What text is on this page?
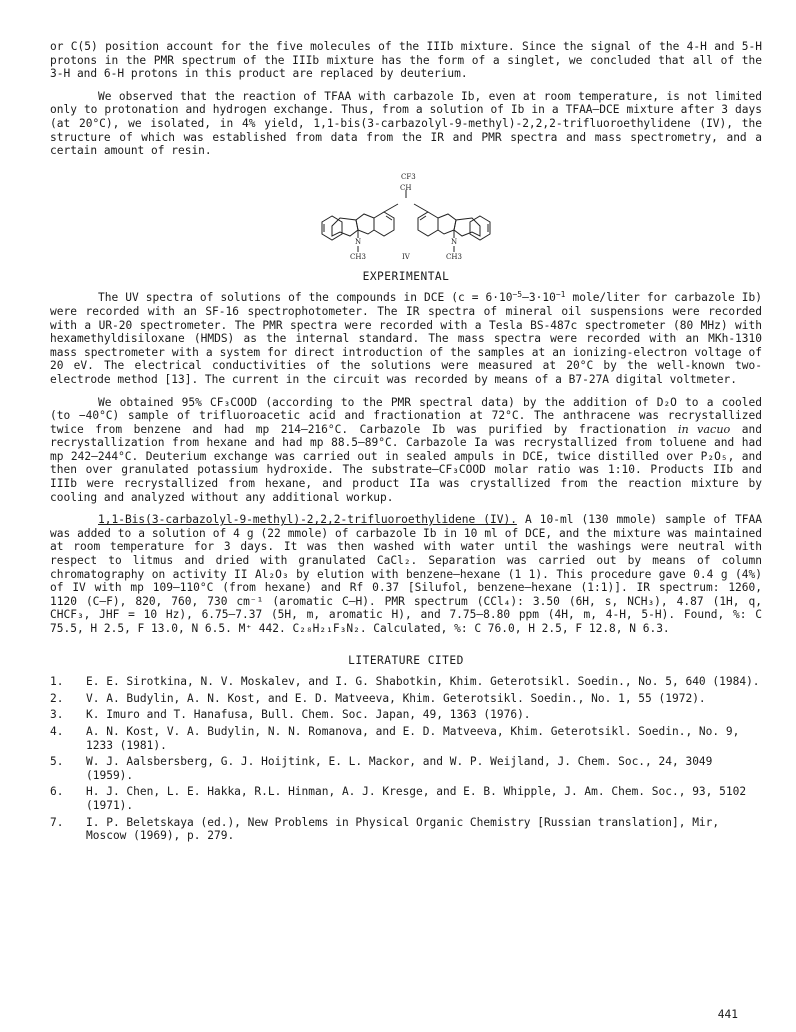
or C(5) position account for the five molecules of the IIIb mixture. Since the signal of the 4-H and 5-H protons in the PMR spectrum of the IIIb mixture has the form of a singlet, we concluded that all of the 3-H and 6-H protons in this product are replaced by deuterium.

We observed that the reaction of TFAA with carbazole Ib, even at room temperature, is not limited only to protonation and hydrogen exchange. Thus, from a solution of Ib in a TFAA–DCE mixture after 3 days (at 20°C), we isolated, in 4% yield, 1,1-bis(3-carbazolyl-9-methyl)-2,2,2-trifluoroethylidene (IV), the structure of which was established from data from the IR and PMR spectra and mass spectrometry, and a certain amount of resin.

CF3
CH
N	N
CH3	CH3
IV
EXPERIMENTAL

The UV spectra of solutions of the compounds in DCE ($c = 6\cdot 10^{-5}-3\cdot 10^{-1}$ mole/liter for carbazole Ib) were recorded with an SF-16 spectrophotometer. The IR spectra of mineral oil suspensions were recorded with a UR-20 spectrometer. The PMR spectra were recorded with a Tesla BS-487c spectrometer (80 MHz) with hexamethyldisiloxane (HMDS) as the internal standard. The mass spectra were recorded with an MKh-1310 mass spectrometer with a system for direct introduction of the samples at an ionizing-electron voltage of 20 eV. The electrical conductivities of the solutions were measured at 20°C by the well-known two-electrode method [13]. The current in the circuit was recorded by means of a B7-27A digital voltmeter.

We obtained 95% CF₃COOD (according to the PMR spectral data) by the addition of D₂O to a cooled (to −40°C) sample of trifluoroacetic acid and fractionation at 72°C. The anthracene was recrystallized twice from benzene and had mp 214–216°C. Carbazole Ib was purified by fractionation in vacuo and recrystallization from hexane and had mp 88.5–89°C. Carbazole Ia was recrystallized from toluene and had mp 242–244°C. Deuterium exchange was carried out in sealed ampuls in DCE, twice distilled over P₂O₅, and then over granulated potassium hydroxide. The substrate–CF₃COOD molar ratio was 1:10. Products IIb and IIIb were recrystallized from hexane, and product IIa was crystallized from the reaction mixture by cooling and analyzed without any additional workup.

1,1-Bis(3-carbazolyl-9-methyl)-2,2,2-trifluoroethylidene (IV). A 10-ml (130 mmole) sample of TFAA was added to a solution of 4 g (22 mmole) of carbazole Ib in 10 ml of DCE, and the mixture was maintained at room temperature for 3 days. It was then washed with water until the washings were neutral with respect to litmus and dried with granulated CaCl₂. Separation was carried out by means of column chromatography on activity II Al₂O₃ by elution with benzene–hexane (1 1). This procedure gave 0.4 g (4%) of IV with mp 109–110°C (from hexane) and Rf 0.37 [Silufol, benzene–hexane (1:1)]. IR spectrum: 1260, 1120 (C–F), 820, 760, 730 cm⁻¹ (aromatic C–H). PMR spectrum (CCl₄): 3.50 (6H, s, NCH₃), 4.87 (1H, q, CHCF₃, JHF = 10 Hz), 6.75–7.37 (5H, m, aromatic H), and 7.75–8.80 ppm (4H, m, 4-H, 5-H). Found, %: C 75.5, H 2.5, F 13.0, N 6.5. M⁺ 442. C₂₈H₂₁F₃N₂. Calculated, %: C 76.0, H 2.5, F 12.8, N 6.3.

LITERATURE CITED
1. E. E. Sirotkina, N. V. Moskalev, and I. G. Shabotkin, Khim. Geterotsikl. Soedin., No. 5, 640 (1984).
2. V. A. Budylin, A. N. Kost, and E. D. Matveeva, Khim. Geterotsikl. Soedin., No. 1, 55 (1972).
3. K. Imuro and T. Hanafusa, Bull. Chem. Soc. Japan, 49, 1363 (1976).
4. A. N. Kost, V. A. Budylin, N. N. Romanova, and E. D. Matveeva, Khim. Geterotsikl. Soedin., No. 9, 1233 (1981).
5. W. J. Aalsbersberg, G. J. Hoijtink, E. L. Mackor, and W. P. Weijland, J. Chem. Soc., 24, 3049 (1959).
6. H. J. Chen, L. E. Hakka, R.L. Hinman, A. J. Kresge, and E. B. Whipple, J. Am. Chem. Soc., 93, 5102 (1971).
7. I. P. Beletskaya (ed.), New Problems in Physical Organic Chemistry [Russian translation], Mir, Moscow (1969), p. 279.
441
